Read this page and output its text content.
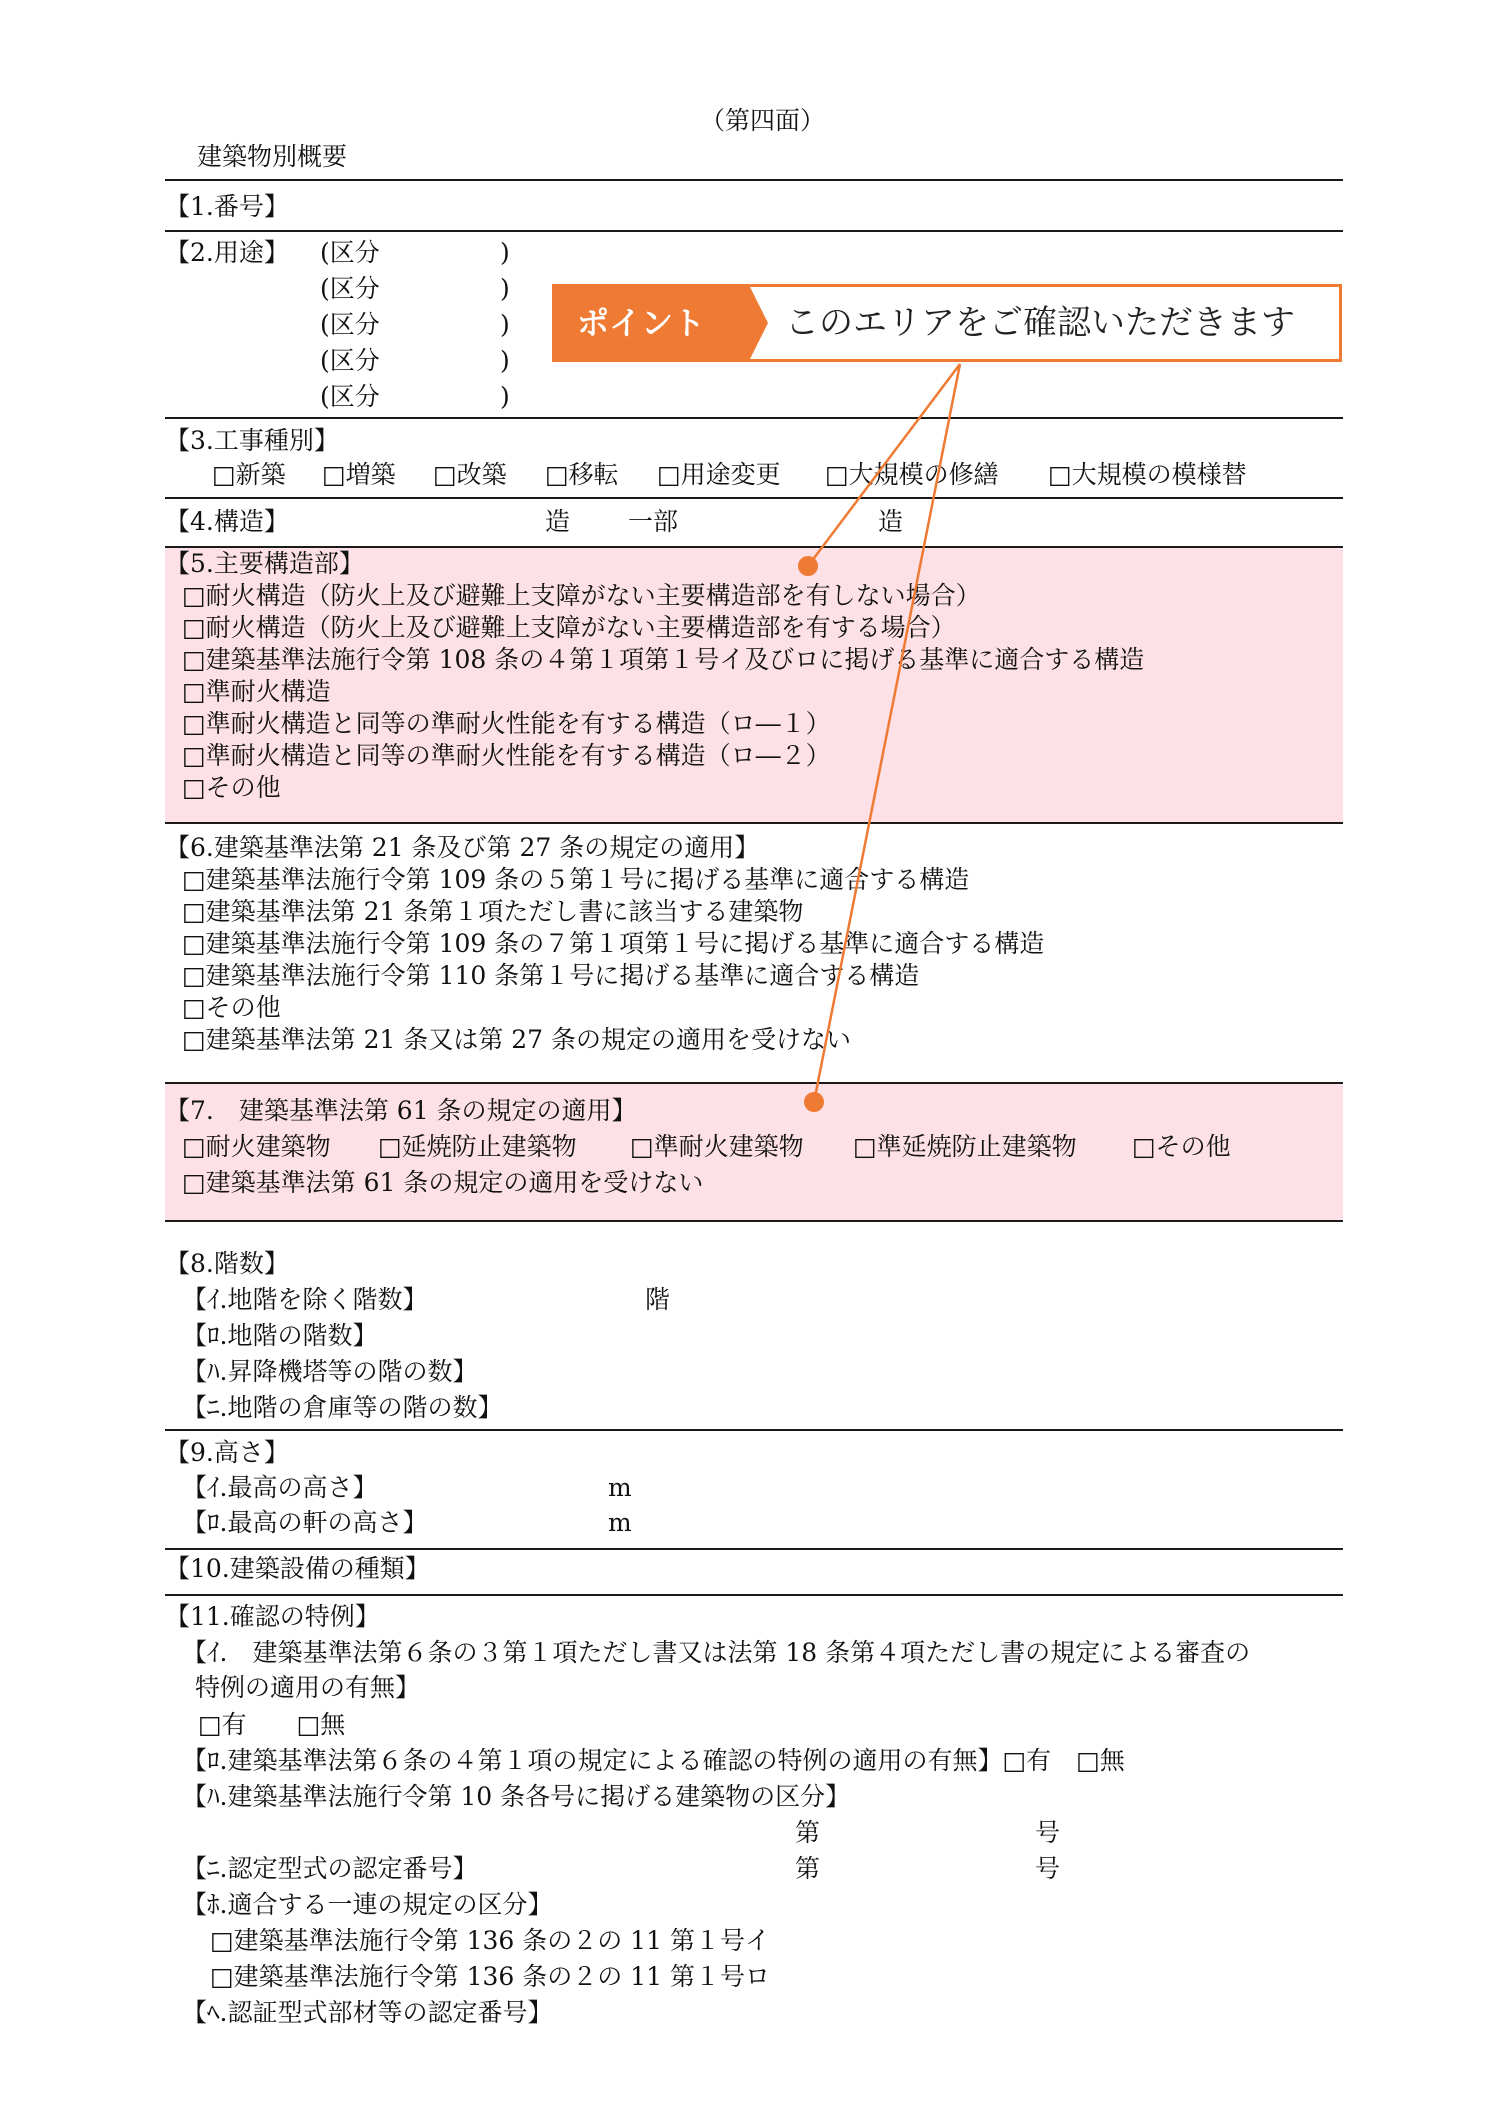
（第四面）
建築物別概要
【1.番号】
【2.用途】 (区分	)
(区分	)
(区分	)
(区分	)
(区分	)
【3.工事種別】
□新築 □増築 □改築 □移転 □用途変更 □大規模の修繕 □大規模の模様替
【4.構造】	造 一部	造
【5.主要構造部】
□耐火構造（防火上及び避難上支障がない主要構造部を有しない場合）
□耐火構造（防火上及び避難上支障がない主要構造部を有する場合）
□建築基準法施行令第 108 条の４第１項第１号イ及びロに掲げる基準に適合する構造
□準耐火構造
□準耐火構造と同等の準耐火性能を有する構造（ロ―１）
□準耐火構造と同等の準耐火性能を有する構造（ロ―２）
□その他
【6.建築基準法第 21 条及び第 27 条の規定の適用】
□建築基準法施行令第 109 条の５第１号に掲げる基準に適合する構造
□建築基準法第 21 条第１項ただし書に該当する建築物
□建築基準法施行令第 109 条の７第１項第１号に掲げる基準に適合する構造
□建築基準法施行令第 110 条第１号に掲げる基準に適合する構造
□その他
□建築基準法第 21 条又は第 27 条の規定の適用を受けない
【7.　建築基準法第 61 条の規定の適用】
□耐火建築物 □延焼防止建築物 □準耐火建築物 □準延焼防止建築物 □その他
□建築基準法第 61 条の規定の適用を受けない
【8.階数】
【ｲ.地階を除く階数】	階
【ﾛ.地階の階数】
【ﾊ.昇降機塔等の階の数】
【ﾆ.地階の倉庫等の階の数】
【9.高さ】
【ｲ.最高の高さ】	m
【ﾛ.最高の軒の高さ】	m
【10.建築設備の種類】
【11.確認の特例】
【ｲ.　建築基準法第６条の３第１項ただし書又は法第 18 条第４項ただし書の規定による審査の
特例の適用の有無】
□有　　□無
【ﾛ.建築基準法第６条の４第１項の規定による確認の特例の適用の有無】□有　□無
【ﾊ.建築基準法施行令第 10 条各号に掲げる建築物の区分】
第	号
【ﾆ.認定型式の認定番号】	第	号
【ﾎ.適合する一連の規定の区分】
□建築基準法施行令第 136 条の２の 11 第１号イ
□建築基準法施行令第 136 条の２の 11 第１号ロ
【ﾍ.認証型式部材等の認定番号】
ポイント	このエリアをご確認いただきます
